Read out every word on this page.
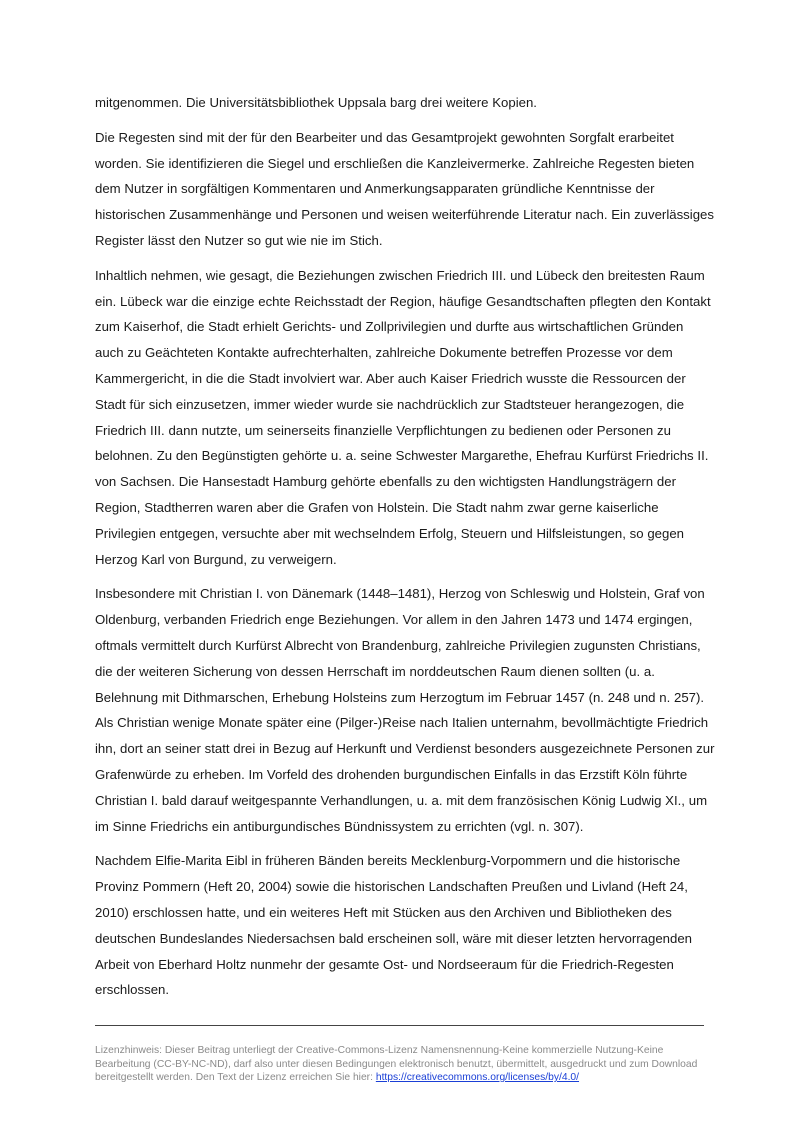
mitgenommen. Die Universitätsbibliothek Uppsala barg drei weitere Kopien.

Die Regesten sind mit der für den Bearbeiter und das Gesamtprojekt gewohnten Sorgfalt erarbeitet worden. Sie identifizieren die Siegel und erschließen die Kanzleivermerke. Zahlreiche Regesten bieten dem Nutzer in sorgfältigen Kommentaren und Anmerkungsapparaten gründliche Kenntnisse der historischen Zusammenhänge und Personen und weisen weiterführende Literatur nach. Ein zuverlässiges Register lässt den Nutzer so gut wie nie im Stich.

Inhaltlich nehmen, wie gesagt, die Beziehungen zwischen Friedrich III. und Lübeck den breitesten Raum ein. Lübeck war die einzige echte Reichsstadt der Region, häufige Gesandtschaften pflegten den Kontakt zum Kaiserhof, die Stadt erhielt Gerichts- und Zollprivilegien und durfte aus wirtschaftlichen Gründen auch zu Geächteten Kontakte aufrechterhalten, zahlreiche Dokumente betreffen Prozesse vor dem Kammergericht, in die die Stadt involviert war. Aber auch Kaiser Friedrich wusste die Ressourcen der Stadt für sich einzusetzen, immer wieder wurde sie nachdrücklich zur Stadtsteuer herangezogen, die Friedrich III. dann nutzte, um seinerseits finanzielle Verpflichtungen zu bedienen oder Personen zu belohnen. Zu den Begünstigten gehörte u. a. seine Schwester Margarethe, Ehefrau Kurfürst Friedrichs II. von Sachsen. Die Hansestadt Hamburg gehörte ebenfalls zu den wichtigsten Handlungsträgern der Region, Stadtherren waren aber die Grafen von Holstein. Die Stadt nahm zwar gerne kaiserliche Privilegien entgegen, versuchte aber mit wechselndem Erfolg, Steuern und Hilfsleistungen, so gegen Herzog Karl von Burgund, zu verweigern.

Insbesondere mit Christian I. von Dänemark (1448–1481), Herzog von Schleswig und Holstein, Graf von Oldenburg, verbanden Friedrich enge Beziehungen. Vor allem in den Jahren 1473 und 1474 ergingen, oftmals vermittelt durch Kurfürst Albrecht von Brandenburg, zahlreiche Privilegien zugunsten Christians, die der weiteren Sicherung von dessen Herrschaft im norddeutschen Raum dienen sollten (u. a. Belehnung mit Dithmarschen, Erhebung Holsteins zum Herzogtum im Februar 1457 (n. 248 und n. 257). Als Christian wenige Monate später eine (Pilger-)Reise nach Italien unternahm, bevollmächtigte Friedrich ihn, dort an seiner statt drei in Bezug auf Herkunft und Verdienst besonders ausgezeichnete Personen zur Grafenwürde zu erheben. Im Vorfeld des drohenden burgundischen Einfalls in das Erzstift Köln führte Christian I. bald darauf weitgespannte Verhandlungen, u. a. mit dem französischen König Ludwig XI., um im Sinne Friedrichs ein antiburgundisches Bündnissystem zu errichten (vgl. n. 307).

Nachdem Elfie-Marita Eibl in früheren Bänden bereits Mecklenburg-Vorpommern und die historische Provinz Pommern (Heft 20, 2004) sowie die historischen Landschaften Preußen und Livland (Heft 24, 2010) erschlossen hatte, und ein weiteres Heft mit Stücken aus den Archiven und Bibliotheken des deutschen Bundeslandes Niedersachsen bald erscheinen soll, wäre mit dieser letzten hervorragenden Arbeit von Eberhard Holtz nunmehr der gesamte Ost- und Nordseeraum für die Friedrich-Regesten erschlossen.

Lizenzhinweis: Dieser Beitrag unterliegt der Creative-Commons-Lizenz Namensnennung-Keine kommerzielle Nutzung-Keine Bearbeitung (CC-BY-NC-ND), darf also unter diesen Bedingungen elektronisch benutzt, übermittelt, ausgedruckt und zum Download bereitgestellt werden. Den Text der Lizenz erreichen Sie hier: https://creativecommons.org/licenses/by/4.0/
